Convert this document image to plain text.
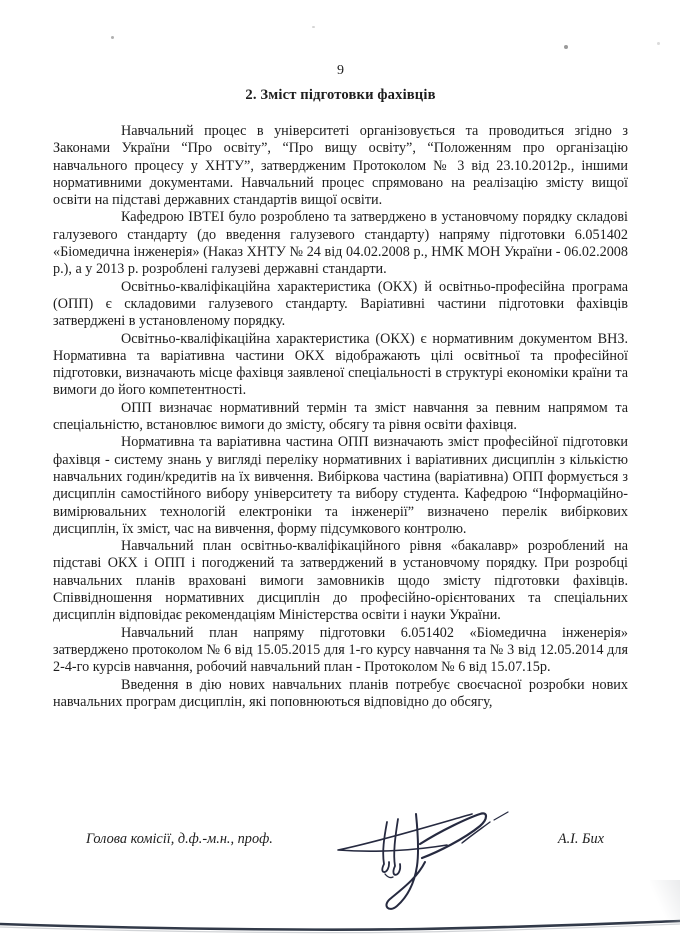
9
2. Зміст підготовки фахівців

Навчальний процес в університеті організовується та проводиться згідно з Законами України “Про освіту”, “Про вищу освіту”, “Положенням про організацію навчального процесу у ХНТУ”, затвердженим Протоколом № 3 від 23.10.2012р., іншими нормативними документами. Навчальний процес спрямовано на реалізацію змісту вищої освіти на підставі державних стандартів вищої освіти.

Кафедрою ІВТЕІ було розроблено та затверджено в установчому порядку складові галузевого стандарту (до введення галузевого стандарту) напряму підготовки 6.051402 «Біомедична інженерія» (Наказ ХНТУ № 24 від 04.02.2008 р., НМК МОН України - 06.02.2008 р.), а у 2013 р. розроблені галузеві державні стандарти.

Освітньо-кваліфікаційна характеристика (ОКХ) й освітньо-професійна програма (ОПП) є складовими галузевого стандарту. Варіативні частини підготовки фахівців затверджені в установленому порядку.

Освітньо-кваліфікаційна характеристика (ОКХ) є нормативним документом ВНЗ. Нормативна та варіативна частини ОКХ відображають цілі освітньої та професійної підготовки, визначають місце фахівця заявленої спеціальності в структурі економіки країни та вимоги до його компетентності.

ОПП визначає нормативний термін та зміст навчання за певним напрямом та спеціальністю, встановлює вимоги до змісту, обсягу та рівня освіти фахівця.

Нормативна та варіативна частина ОПП визначають зміст професійної підготовки фахівця - систему знань у вигляді переліку нормативних і варіативних дисциплін з кількістю навчальних годин/кредитів на їх вивчення. Вибіркова частина (варіативна) ОПП формується з дисциплін самостійного вибору університету та вибору студента. Кафедрою “Інформаційно-вимірювальних технологій електроніки та інженерії” визначено перелік вибіркових дисциплін, їх зміст, час на вивчення, форму підсумкового контролю.

Навчальний план освітньо-кваліфікаційного рівня «бакалавр» розроблений на підставі ОКХ і ОПП і погоджений та затверджений в установчому порядку. При розробці навчальних планів враховані вимоги замовників щодо змісту підготовки фахівців. Співвідношення нормативних дисциплін до професійно-орієнтованих та спеціальних дисциплін відповідає рекомендаціям Міністерства освіти і науки України.

Навчальний план напряму підготовки 6.051402 «Біомедична інженерія» затверджено протоколом № 6 від 15.05.2015 для 1-го курсу навчання та № 3 від 12.05.2014 для 2-4-го курсів навчання, робочий навчальний план - Протоколом № 6 від 15.07.15р.

Введення в дію нових навчальних планів потребує своєчасної розробки нових навчальних програм дисциплін, які поповнюються відповідно до обсягу,

Голова комісії, д.ф.-м.н., проф.	А.І. Бих
